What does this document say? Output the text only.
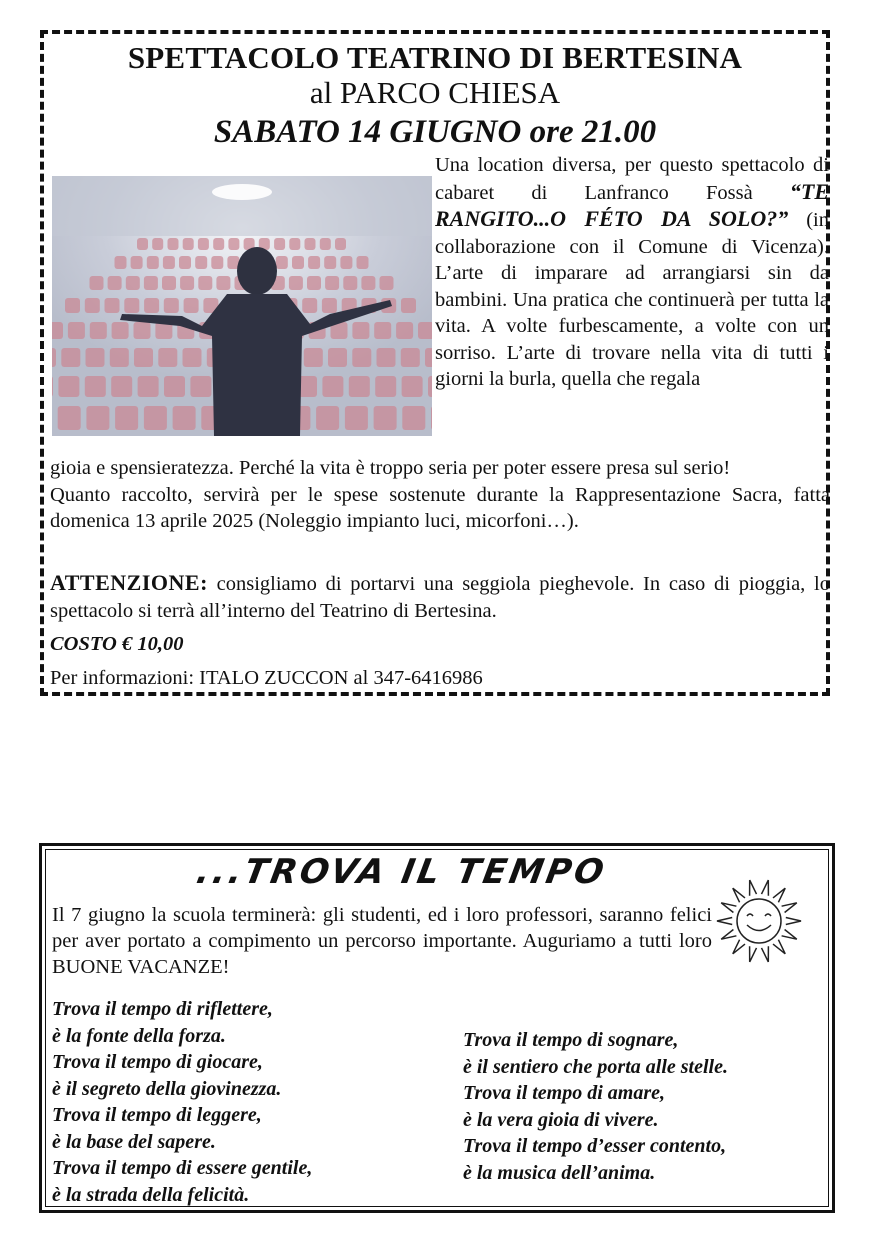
SPETTACOLO TEATRINO DI BERTESINA
al PARCO CHIESA
SABATO 14 GIUGNO ore 21.00

Una location diversa, per questo spettacolo di cabaret di Lanfranco Fossà “TE RANGITO...O FÉTO DA SOLO?” (in collaborazione con il Comune di Vicenza). L’arte di imparare ad arrangiarsi sin da bambini. Una pratica che continuerà per tutta la vita. A volte furbescamente, a volte con un sorriso. L’arte di trovare nella vita di tutti i giorni la burla, quella che regala

gioia e spensieratezza. Perché la vita è troppo seria per poter essere presa sul serio!
Quanto raccolto, servirà per le spese sostenute durante la Rappresentazione Sacra, fatta domenica 13 aprile 2025 (Noleggio impianto luci, micorfoni…).

ATTENZIONE: consigliamo di portarvi una seggiola pieghevole. In caso di pioggia, lo spettacolo si terrà all’interno del Teatrino di Bertesina.

COSTO € 10,00

Per informazioni: ITALO ZUCCON al 347-6416986

...TROVA IL TEMPO

Il 7 giugno la scuola terminerà: gli studenti, ed i loro professori, saranno felici per aver portato a compimento un percorso importante. Auguriamo a tutti loro BUONE VACANZE!

Trova il tempo di riflettere,

è la fonte della forza.

Trova il tempo di giocare,

è il segreto della giovinezza.

Trova il tempo di leggere,

è la base del sapere.

Trova il tempo di essere gentile,

è la strada della felicità.

Trova il tempo di sognare,

è il sentiero che porta alle stelle.

Trova il tempo di amare,

è la vera gioia di vivere.

Trova il tempo d’esser contento,

è la musica dell’anima.
